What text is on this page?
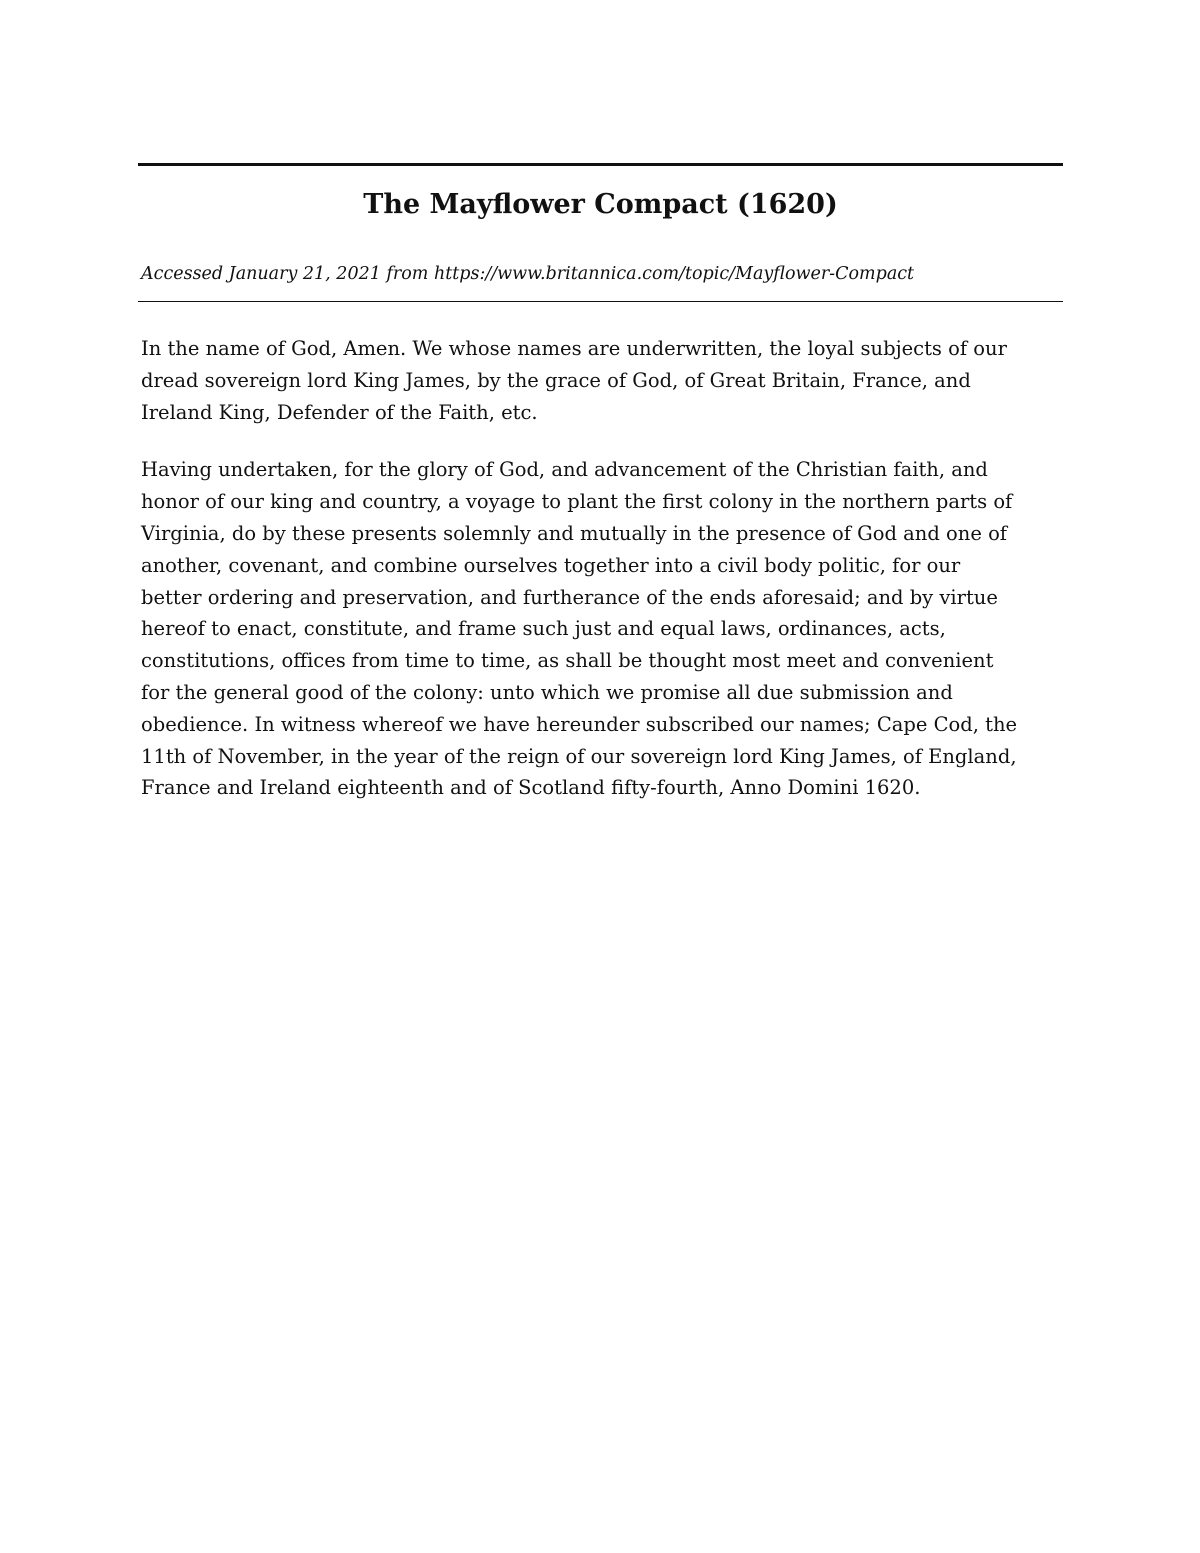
The Mayflower Compact (1620)
Accessed January 21, 2021 from https://www.britannica.com/topic/Mayflower-Compact

In the name of God, Amen. We whose names are underwritten, the loyal subjects of our
dread sovereign lord King James, by the grace of God, of Great Britain, France, and
Ireland King, Defender of the Faith, etc.

Having undertaken, for the glory of God, and advancement of the Christian faith, and
honor of our king and country, a voyage to plant the first colony in the northern parts of
Virginia, do by these presents solemnly and mutually in the presence of God and one of
another, covenant, and combine ourselves together into a civil body politic, for our
better ordering and preservation, and furtherance of the ends aforesaid; and by virtue
hereof to enact, constitute, and frame such just and equal laws, ordinances, acts,
constitutions, offices from time to time, as shall be thought most meet and convenient
for the general good of the colony: unto which we promise all due submission and
obedience. In witness whereof we have hereunder subscribed our names; Cape Cod, the
11th of November, in the year of the reign of our sovereign lord King James, of England,
France and Ireland eighteenth and of Scotland fifty-fourth, Anno Domini 1620.
